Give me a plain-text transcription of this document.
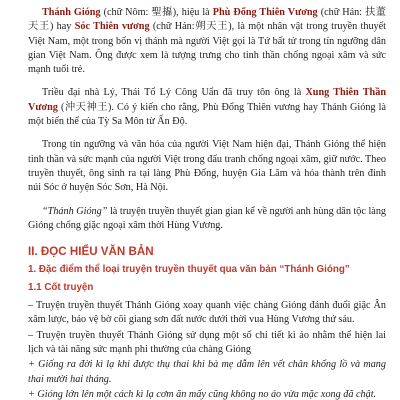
Thánh Gióng (chữ Nôm: 聖㩡), hiệu là Phù Đổng Thiên Vương (chữ Hán: 扶董天王) hay Sóc Thiên vương (chữ Hán:朔天王), là một nhân vật trong truyền thuyết Việt Nam, một trong bốn vị thánh mà người Việt gọi là Tứ bất tử trong tín ngưỡng dân gian Việt Nam. Ông được xem là tượng trưng cho tinh thần chống ngoại xâm và sức mạnh tuổi trẻ.

Triều đại nhà Lý, Thái Tổ Lý Công Uẩn đã truy tôn ông là Xung Thiên Thần Vương (沖天神王). Có ý kiến cho rằng, Phù Đổng Thiên vương hay Thánh Gióng là một biến thể của Tỳ Sa Môn từ Ấn Độ.

Trong tín ngưỡng và văn hóa của người Việt Nam hiện đại, Thánh Gióng thể hiện tinh thần và sức mạnh của người Việt trong đấu tranh chống ngoại xâm, giữ nước. Theo truyền thuyết, ông sinh ra tại làng Phù Đổng, huyện Gia Lâm và hóa thành trên đỉnh núi Sóc ở huyện Sóc Sơn, Hà Nội.

“Thánh Gióng” là truyện truyền thuyết gian gian kể về người anh hùng dân tộc làng Gióng chống giặc ngoại xâm thời Hùng Vương.

II. ĐỌC HIỂU VĂN BẢN
1. Đặc điểm thể loại truyện truyền thuyết qua văn bản “Thánh Gióng”
1.1 Cốt truyện

– Truyện truyền thuyết Thánh Gióng xoay quanh việc chàng Gióng đánh đuổi giặc Ân xâm lược, bảo vệ bờ cõi giang sơn đất nước dưới thời vua Hùng Vương thứ sáu.

– Truyện truyền thuyết Thánh Gióng sử dụng một số chi tiết kì ảo nhằm thể hiện lai lịch và tài năng sức mạnh phi thường của chàng Gióng

+ Giống ra đời kì lạ khi được thụ thai khi bà mẹ dẫm lên vết chân khổng lồ và mang thai mười hai tháng.

+ Gióng lớn lên một cách kì lạ cơm ăn mấy cũng không no áo vừa mặc xong đã chật.
